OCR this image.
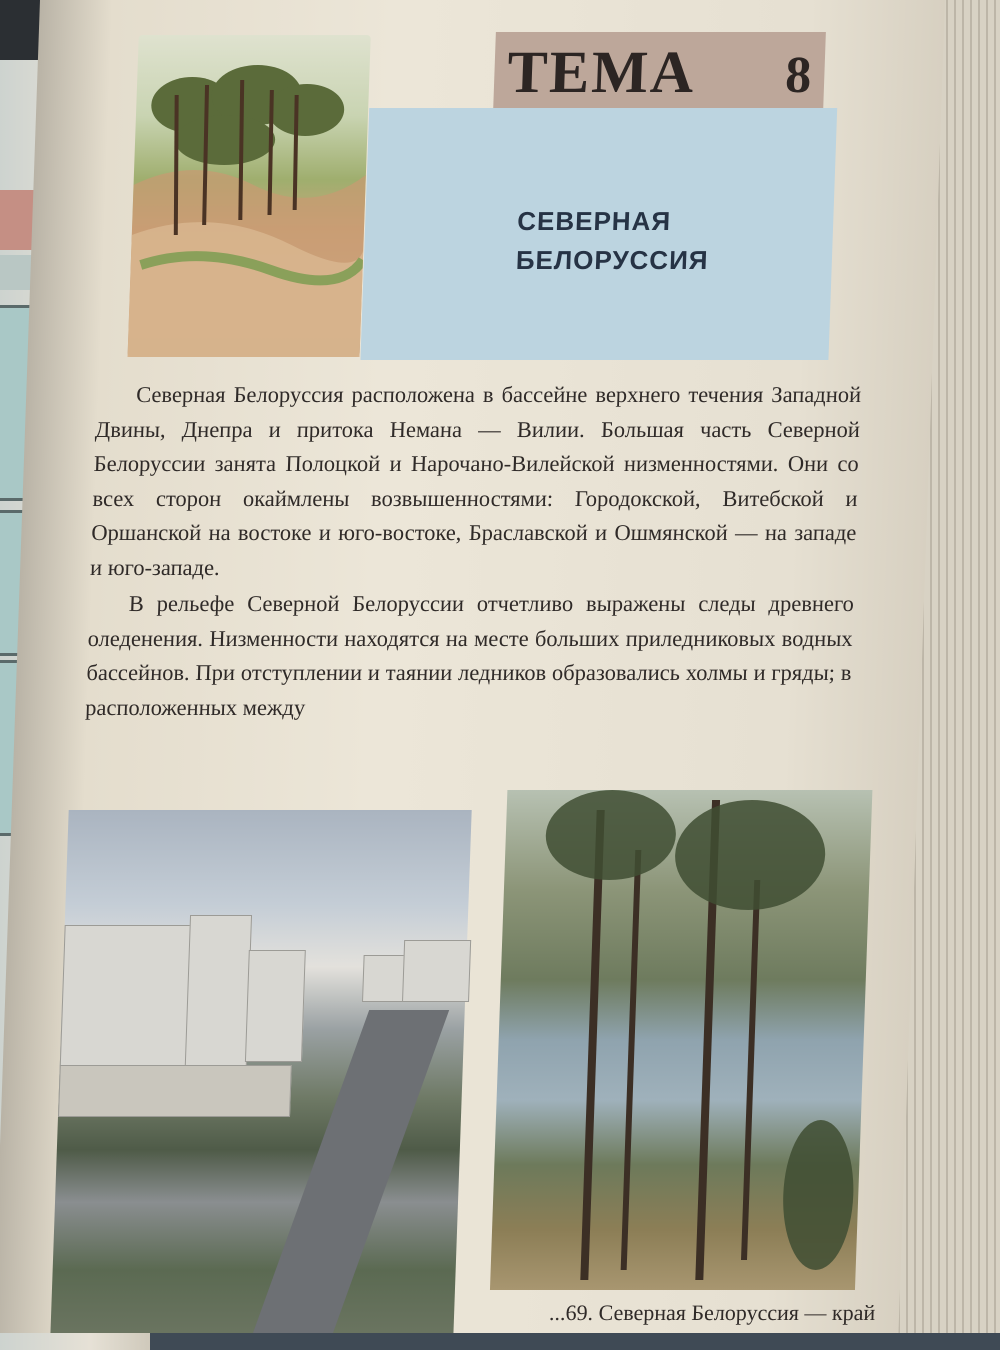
ТЕМА 8
СЕВЕРНАЯ
БЕЛОРУССИЯ

Северная Белоруссия расположена в бассейне верхнего течения Западной Двины, Днепра и притока Немана — Вилии. Большая часть Северной Белоруссии занята Полоцкой и Нарочано-Вилейской низменностями. Они со всех сторон окаймлены возвышенностями: Городокской, Витебской и Оршанской на востоке и юго-востоке, Браславской и Ошмянской — на западе и юго-западе.

В рельефе Северной Белоруссии отчетливо выражены следы древнего оледенения. Низменности находятся на месте больших приледниковых водных бассейнов. При отступлении и таянии ледников образовались холмы и гряды; в расположенных между

...69. Северная Белоруссия — край
